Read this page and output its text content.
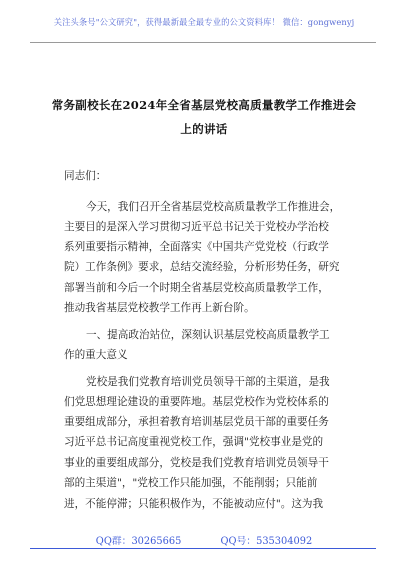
关注头条号"公文研究"，获得最新最全最专业的公文资料库！ 微信：gongwenyj
常务副校长在2024年全省基层党校高质量教学工作推进会
上的讲话
同志们：
今天，我们召开全省基层党校高质量教学工作推进会，
主要目的是深入学习贯彻习近平总书记关于党校办学治校
系列重要指示精神，全面落实《中国共产党党校（行政学
院）工作条例》要求，总结交流经验，分析形势任务，研究
部署当前和今后一个时期全省基层党校高质量教学工作，
推动我省基层党校教学工作再上新台阶。
一、提高政治站位，深刻认识基层党校高质量教学工
作的重大意义
党校是我们党教育培训党员领导干部的主渠道，是我
们党思想理论建设的重要阵地。基层党校作为党校体系的
重要组成部分，承担着教育培训基层党员干部的重要任务
习近平总书记高度重视党校工作，强调"党校事业是党的
事业的重要组成部分，党校是我们党教育培训党员领导干
部的主渠道"，"党校工作只能加强，不能削弱；只能前
进，不能停滞；只能积极作为，不能被动应付"。这为我
QQ群：30265665	QQ号：535304092
